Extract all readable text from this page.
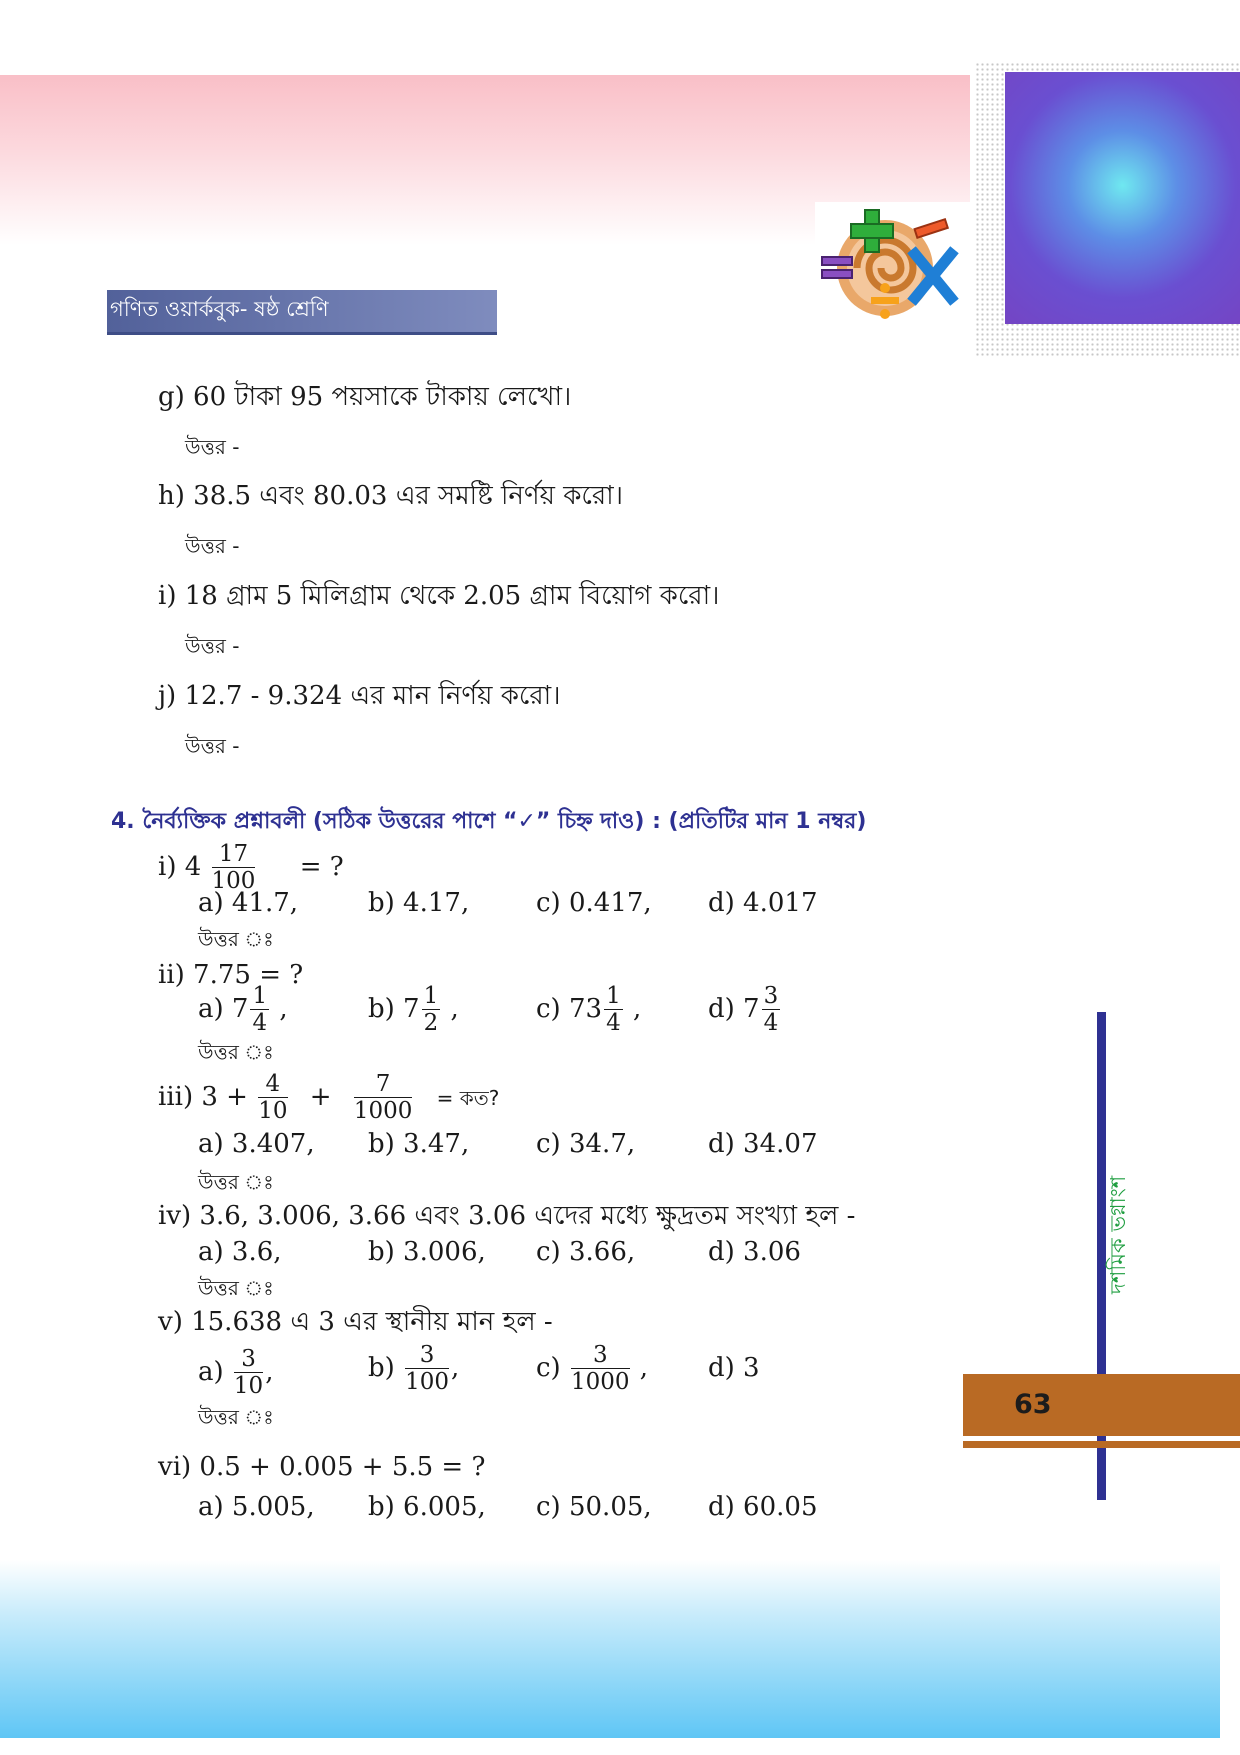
গণিত ওয়ার্কবুক- ষষ্ঠ শ্রেণি
g) 60 টাকা 95 পয়সাকে টাকায় লেখো।
উত্তর -
h) 38.5 এবং 80.03 এর সমষ্টি নির্ণয় করো।
উত্তর -
i) 18 গ্রাম 5 মিলিগ্রাম থেকে 2.05 গ্রাম বিয়োগ করো।
উত্তর -
j) 12.7 - 9.324 এর মান নির্ণয় করো।
উত্তর -
4. নৈর্ব্যক্তিক প্রশ্নাবলী (সঠিক উত্তরের পাশে “✓” চিহ্ন দাও) : (প্রতিটির মান 1 নম্বর)
i) $4 \frac{17}{100}$ = ?
a) 41.7,	b) 4.17,	c) 0.417, d) 4.017
উত্তর ঃ
ii) 7.75 = ?
a) $7 \frac{1}{4}$ ,	b) $7 \frac{1}{2}$ ,	c) $73 \frac{1}{4}$ ,	d) $7 \frac{3}{4}$
উত্তর ঃ
iii) $3 + \frac{4}{10} + \frac{7}{1000}$ = কত?
a) 3.407, b) 3.47,	c) 34.7,	d) 34.07
উত্তর ঃ
iv) 3.6, 3.006, 3.66 এবং 3.06 এদের মধ্যে ক্ষুদ্রতম সংখ্যা হল -
a) 3.6,	b) 3.006, c) 3.66,	d) 3.06
উত্তর ঃ
v) 15.638 এ 3 এর স্থানীয় মান হল -
$a) \frac{3}{10}$ ,	$b) \frac{3}{100}$ ,	$c) \frac{3}{1000}$ , d) 3
উত্তর ঃ
vi) 0.5 + 0.005 + 5.5 = ?
a) 5.005, b) 6.005, c) 50.05, d) 60.05
দশমিক ভগ্নাংশ
63
